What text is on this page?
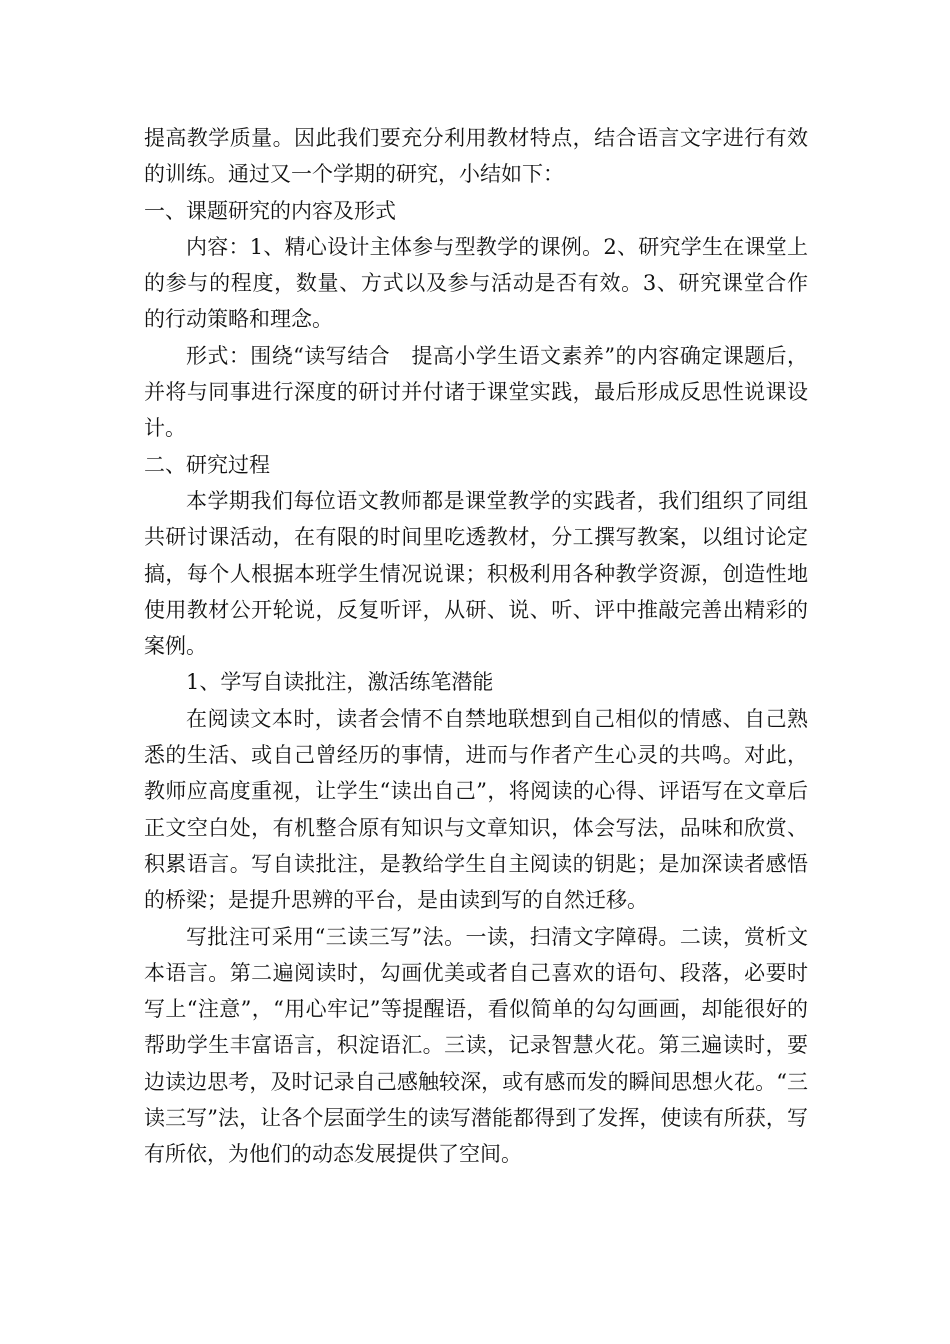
提高教学质量。因此我们要充分利用教材特点，结合语言文字进行有效的训练。通过又一个学期的研究，小结如下：

一、课题研究的内容及形式

内容：1、精心设计主体参与型教学的课例。2、研究学生在课堂上的参与的程度，数量、方式以及参与活动是否有效。3、研究课堂合作的行动策略和理念。

形式：围绕“读写结合　提高小学生语文素养”的内容确定课题后，并将与同事进行深度的研讨并付诸于课堂实践，最后形成反思性说课设计。

二、研究过程

本学期我们每位语文教师都是课堂教学的实践者，我们组织了同组共研讨课活动，在有限的时间里吃透教材，分工撰写教案，以组讨论定搞，每个人根据本班学生情况说课；积极利用各种教学资源，创造性地使用教材公开轮说，反复听评，从研、说、听、评中推敲完善出精彩的案例。

1、学写自读批注，激活练笔潜能

在阅读文本时，读者会情不自禁地联想到自己相似的情感、自己熟悉的生活、或自己曾经历的事情，进而与作者产生心灵的共鸣。对此，教师应高度重视，让学生“读出自己”，将阅读的心得、评语写在文章后正文空白处，有机整合原有知识与文章知识，体会写法，品味和欣赏、积累语言。写自读批注，是教给学生自主阅读的钥匙；是加深读者感悟的桥梁；是提升思辨的平台，是由读到写的自然迁移。

写批注可采用“三读三写”法。一读，扫清文字障碍。二读，赏析文本语言。第二遍阅读时，勾画优美或者自己喜欢的语句、段落，必要时写上“注意”，“用心牢记”等提醒语，看似简单的勾勾画画，却能很好的帮助学生丰富语言，积淀语汇。三读，记录智慧火花。第三遍读时，要边读边思考，及时记录自己感触较深，或有感而发的瞬间思想火花。“三读三写”法，让各个层面学生的读写潜能都得到了发挥，使读有所获，写有所依，为他们的动态发展提供了空间。
